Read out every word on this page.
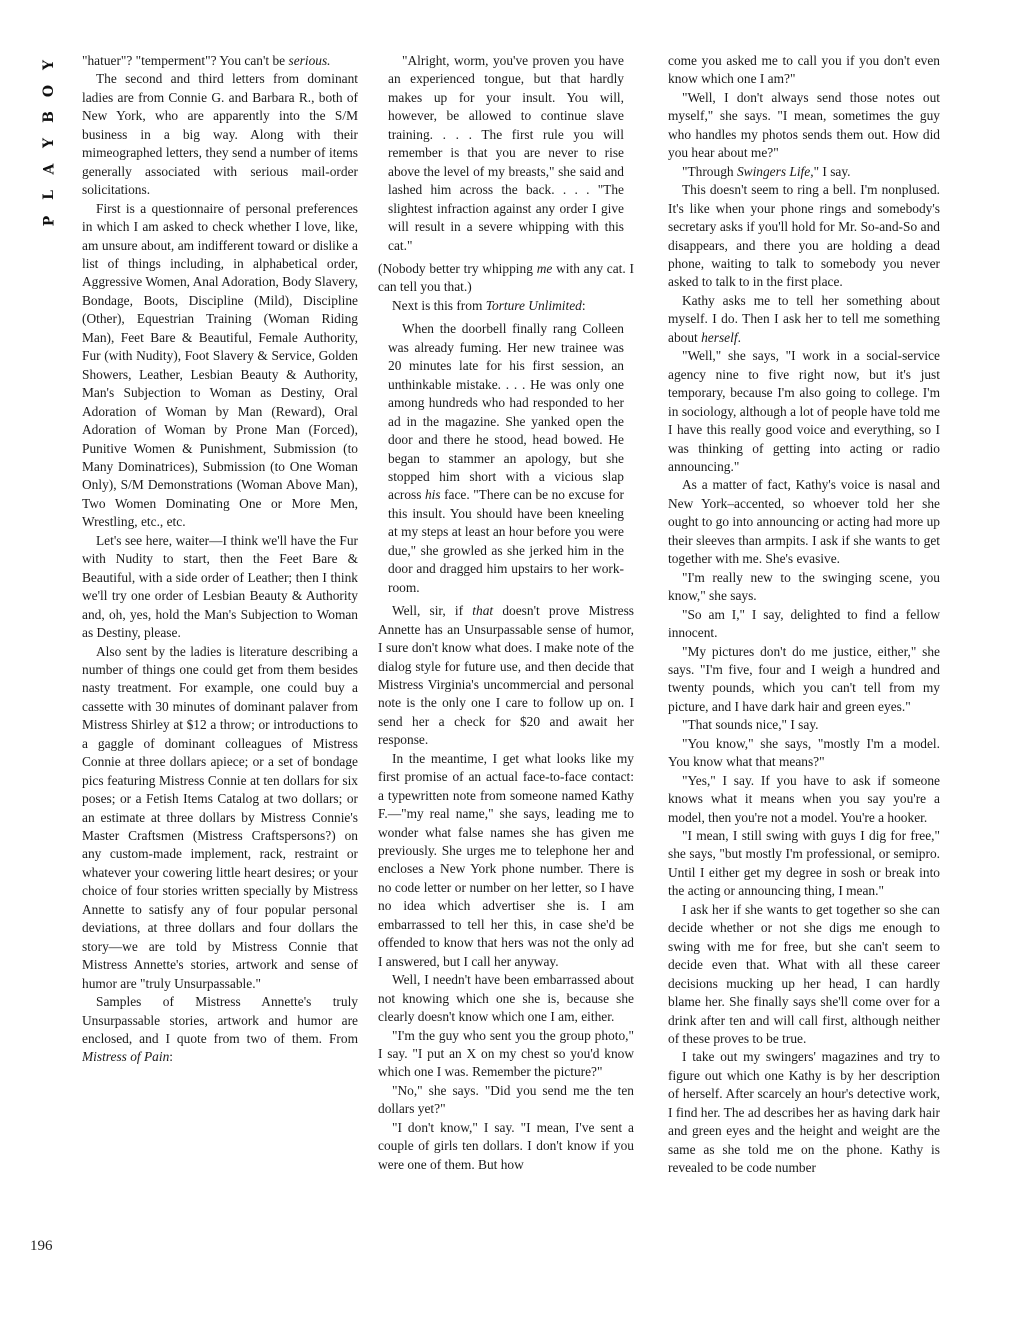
Y
O
B
Y
A
L
P

"hatuer"? "temperment"? You can't be serious.

The second and third letters from dominant ladies are from Connie G. and Barbara R., both of New York, who are apparently into the S/M business in a big way. Along with their mimeographed letters, they send a number of items generally associated with serious mail-order solicitations.

First is a questionnaire of personal preferences in which I am asked to check whether I love, like, am unsure about, am indifferent toward or dislike a list of things including, in alphabetical order, Aggressive Women, Anal Adoration, Body Slavery, Bondage, Boots, Discipline (Mild), Discipline (Other), Equestrian Training (Woman Riding Man), Feet Bare & Beautiful, Female Authority, Fur (with Nudity), Foot Slavery & Service, Golden Showers, Leather, Lesbian Beauty & Authority, Man's Subjection to Woman as Destiny, Oral Adoration of Woman by Man (Reward), Oral Adoration of Woman by Prone Man (Forced), Punitive Women & Punishment, Submission (to Many Dominatrices), Submission (to One Woman Only), S/M Demonstrations (Woman Above Man), Two Women Dominating One or More Men, Wrestling, etc., etc.

Let's see here, waiter—I think we'll have the Fur with Nudity to start, then the Feet Bare & Beautiful, with a side order of Leather; then I think we'll try one order of Lesbian Beauty & Authority and, oh, yes, hold the Man's Subjection to Woman as Destiny, please.

Also sent by the ladies is literature describing a number of things one could get from them besides nasty treatment. For example, one could buy a cassette with 30 minutes of dominant palaver from Mistress Shirley at $12 a throw; or introductions to a gaggle of dominant colleagues of Mistress Connie at three dollars apiece; or a set of bondage pics featuring Mistress Connie at ten dollars for six poses; or a Fetish Items Catalog at two dollars; or an estimate at three dollars by Mistress Connie's Master Craftsmen (Mistress Craftspersons?) on any custom-made implement, rack, restraint or whatever your cowering little heart desires; or your choice of four stories written specially by Mistress Annette to satisfy any of four popular personal deviations, at three dollars and four dollars the story—we are told by Mistress Connie that Mistress Annette's stories, artwork and sense of humor are "truly Unsurpassable."

Samples of Mistress Annette's truly Unsurpassable stories, artwork and humor are enclosed, and I quote from two of them. From Mistress of Pain:

"Alright, worm, you've proven you have an experienced tongue, but that hardly makes up for your insult. You will, however, be allowed to continue slave training. . . . The first rule you will remember is that you are never to rise above the level of my breasts," she said and lashed him across the back. . . . "The slightest infraction against any order I give will result in a severe whipping with this cat."

(Nobody better try whipping me with any cat. I can tell you that.)

Next is this from Torture Unlimited:

When the doorbell finally rang Colleen was already fuming. Her new trainee was 20 minutes late for his first session, an unthinkable mistake. . . . He was only one among hundreds who had responded to her ad in the magazine. She yanked open the door and there he stood, head bowed. He began to stammer an apology, but she stopped him short with a vicious slap across his face. "There can be no excuse for this insult. You should have been kneeling at my steps at least an hour before you were due," she growled as she jerked him in the door and dragged him upstairs to her work-room.

Well, sir, if that doesn't prove Mistress Annette has an Unsurpassable sense of humor, I sure don't know what does. I make note of the dialog style for future use, and then decide that Mistress Virginia's uncommercial and personal note is the only one I care to follow up on. I send her a check for $20 and await her response.

In the meantime, I get what looks like my first promise of an actual face-to-face contact: a typewritten note from someone named Kathy F.—"my real name," she says, leading me to wonder what false names she has given me previously. She urges me to telephone her and encloses a New York phone number. There is no code letter or number on her letter, so I have no idea which advertiser she is. I am embarrassed to tell her this, in case she'd be offended to know that hers was not the only ad I answered, but I call her anyway.

Well, I needn't have been embarrassed about not knowing which one she is, because she clearly doesn't know which one I am, either.

"I'm the guy who sent you the group photo," I say. "I put an X on my chest so you'd know which one I was. Remember the picture?"

"No," she says. "Did you send me the ten dollars yet?"

"I don't know," I say. "I mean, I've sent a couple of girls ten dollars. I don't know if you were one of them. But how

come you asked me to call you if you don't even know which one I am?"

"Well, I don't always send those notes out myself," she says. "I mean, sometimes the guy who handles my photos sends them out. How did you hear about me?"

"Through Swingers Life," I say.

This doesn't seem to ring a bell. I'm nonplused. It's like when your phone rings and somebody's secretary asks if you'll hold for Mr. So-and-So and disappears, and there you are holding a dead phone, waiting to talk to somebody you never asked to talk to in the first place.

Kathy asks me to tell her something about myself. I do. Then I ask her to tell me something about herself.

"Well," she says, "I work in a social-service agency nine to five right now, but it's just temporary, because I'm also going to college. I'm in sociology, although a lot of people have told me I have this really good voice and everything, so I was thinking of getting into acting or radio announcing."

As a matter of fact, Kathy's voice is nasal and New York–accented, so whoever told her she ought to go into announcing or acting had more up their sleeves than armpits. I ask if she wants to get together with me. She's evasive.

"I'm really new to the swinging scene, you know," she says.

"So am I," I say, delighted to find a fellow innocent.

"My pictures don't do me justice, either," she says. "I'm five, four and I weigh a hundred and twenty pounds, which you can't tell from my picture, and I have dark hair and green eyes."

"That sounds nice," I say.

"You know," she says, "mostly I'm a model. You know what that means?"

"Yes," I say. If you have to ask if someone knows what it means when you say you're a model, then you're not a model. You're a hooker.

"I mean, I still swing with guys I dig for free," she says, "but mostly I'm professional, or semipro. Until I either get my degree in sosh or break into the acting or announcing thing, I mean."

I ask her if she wants to get together so she can decide whether or not she digs me enough to swing with me for free, but she can't seem to decide even that. What with all these career decisions mucking up her head, I can hardly blame her. She finally says she'll come over for a drink after ten and will call first, although neither of these proves to be true.

I take out my swingers' magazines and try to figure out which one Kathy is by her description of herself. After scarcely an hour's detective work, I find her. The ad describes her as having dark hair and green eyes and the height and weight are the same as she told me on the phone. Kathy is revealed to be code number

196
